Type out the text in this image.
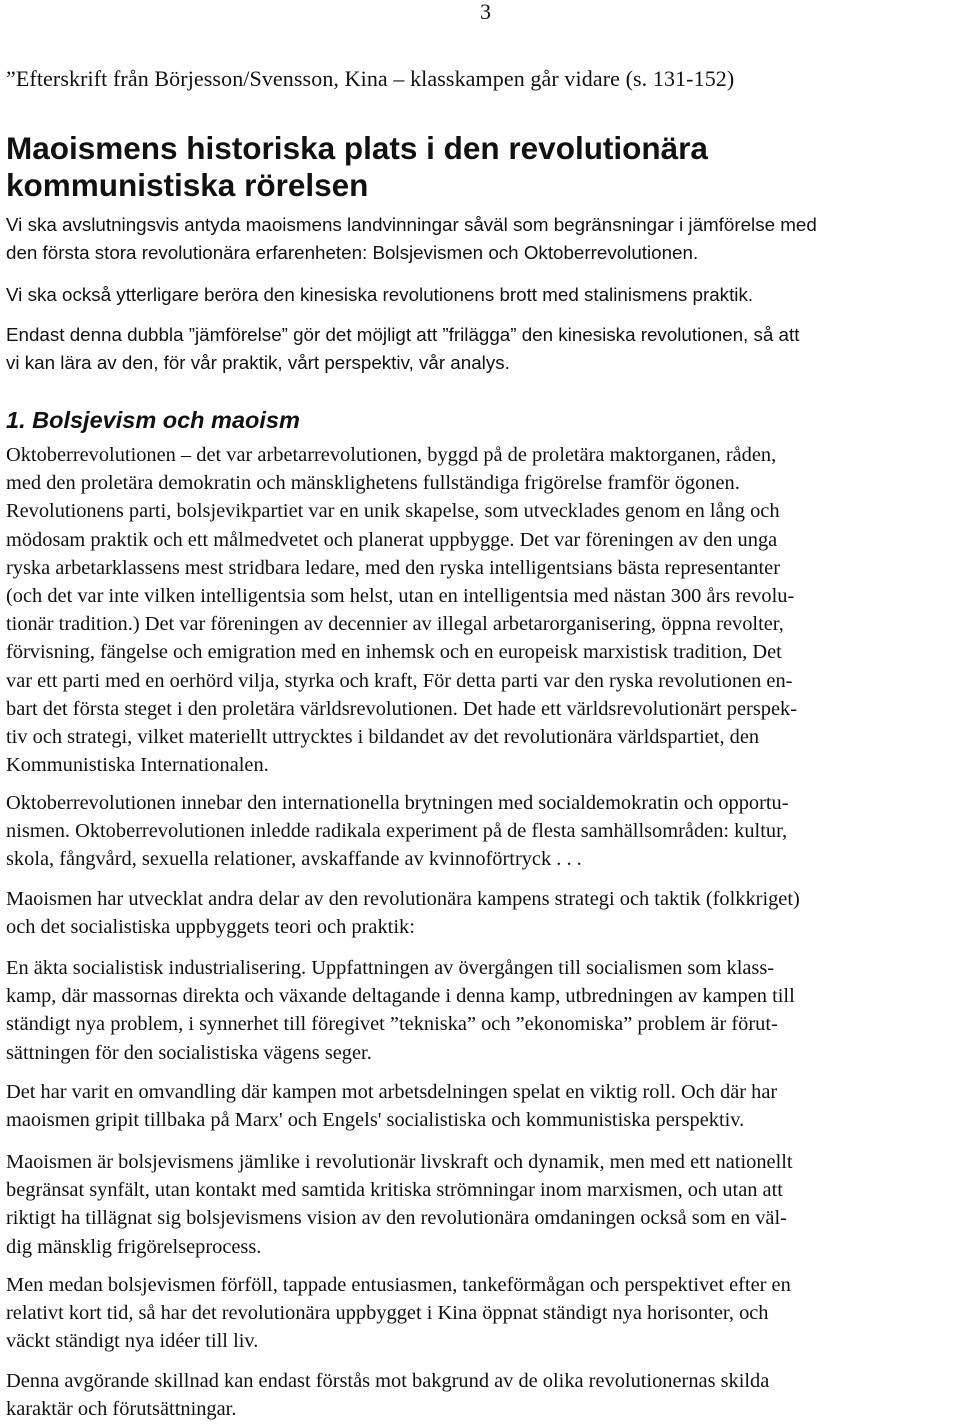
3
”Efterskrift från Börjesson/Svensson, Kina – klasskampen går vidare (s. 131-152)
Maoismens historiska plats i den revolutionära
kommunistiska rörelsen

Vi ska avslutningsvis antyda maoismens landvinningar såväl som begränsningar i jämförelse med

den första stora revolutionära erfarenheten: Bolsjevismen och Oktoberrevolutionen.

Vi ska också ytterligare beröra den kinesiska revolutionens brott med stalinismens praktik.

Endast denna dubbla ”jämförelse” gör det möjligt att ”frilägga” den kinesiska revolutionen, så att

vi kan lära av den, för vår praktik, vårt perspektiv, vår analys.

1. Bolsjevism och maoism

Oktoberrevolutionen – det var arbetarrevolutionen, byggd på de proletära maktorganen, råden,

med den proletära demokratin och mänsklighetens fullständiga frigörelse framför ögonen.

Revolutionens parti, bolsjevikpartiet var en unik skapelse, som utvecklades genom en lång och

mödosam praktik och ett målmedvetet och planerat uppbygge. Det var föreningen av den unga

ryska arbetarklassens mest stridbara ledare, med den ryska intelligentsians bästa representanter

(och det var inte vilken intelligentsia som helst, utan en intelligentsia med nästan 300 års revolu-

tionär tradition.) Det var föreningen av decennier av illegal arbetarorganisering, öppna revolter,

förvisning, fängelse och emigration med en inhemsk och en europeisk marxistisk tradition, Det

var ett parti med en oerhörd vilja, styrka och kraft, För detta parti var den ryska revolutionen en-

bart det första steget i den proletära världsrevolutionen. Det hade ett världsrevolutionärt perspek-

tiv och strategi, vilket materiellt uttrycktes i bildandet av det revolutionära världspartiet, den

Kommunistiska Internationalen.

Oktoberrevolutionen innebar den internationella brytningen med socialdemokratin och opportu-

nismen. Oktoberrevolutionen inledde radikala experiment på de flesta samhällsområden: kultur,

skola, fångvård, sexuella relationer, avskaffande av kvinnoförtryck . . .

Maoismen har utvecklat andra delar av den revolutionära kampens strategi och taktik (folkkriget)

och det socialistiska uppbyggets teori och praktik:

En äkta socialistisk industrialisering. Uppfattningen av övergången till socialismen som klass-

kamp, där massornas direkta och växande deltagande i denna kamp, utbredningen av kampen till

ständigt nya problem, i synnerhet till föregivet ”tekniska” och ”ekonomiska” problem är förut-

sättningen för den socialistiska vägens seger.

Det har varit en omvandling där kampen mot arbetsdelningen spelat en viktig roll. Och där har

maoismen gripit tillbaka på Marx' och Engels' socialistiska och kommunistiska perspektiv.

Maoismen är bolsjevismens jämlike i revolutionär livskraft och dynamik, men med ett nationellt

begränsat synfält, utan kontakt med samtida kritiska strömningar inom marxismen, och utan att

riktigt ha tillägnat sig bolsjevismens vision av den revolutionära omdaningen också som en väl-

dig mänsklig frigörelseprocess.

Men medan bolsjevismen förföll, tappade entusiasmen, tankeförmågan och perspektivet efter en

relativt kort tid, så har det revolutionära uppbygget i Kina öppnat ständigt nya horisonter, och

väckt ständigt nya idéer till liv.

Denna avgörande skillnad kan endast förstås mot bakgrund av de olika revolutionernas skilda

karaktär och förutsättningar.
